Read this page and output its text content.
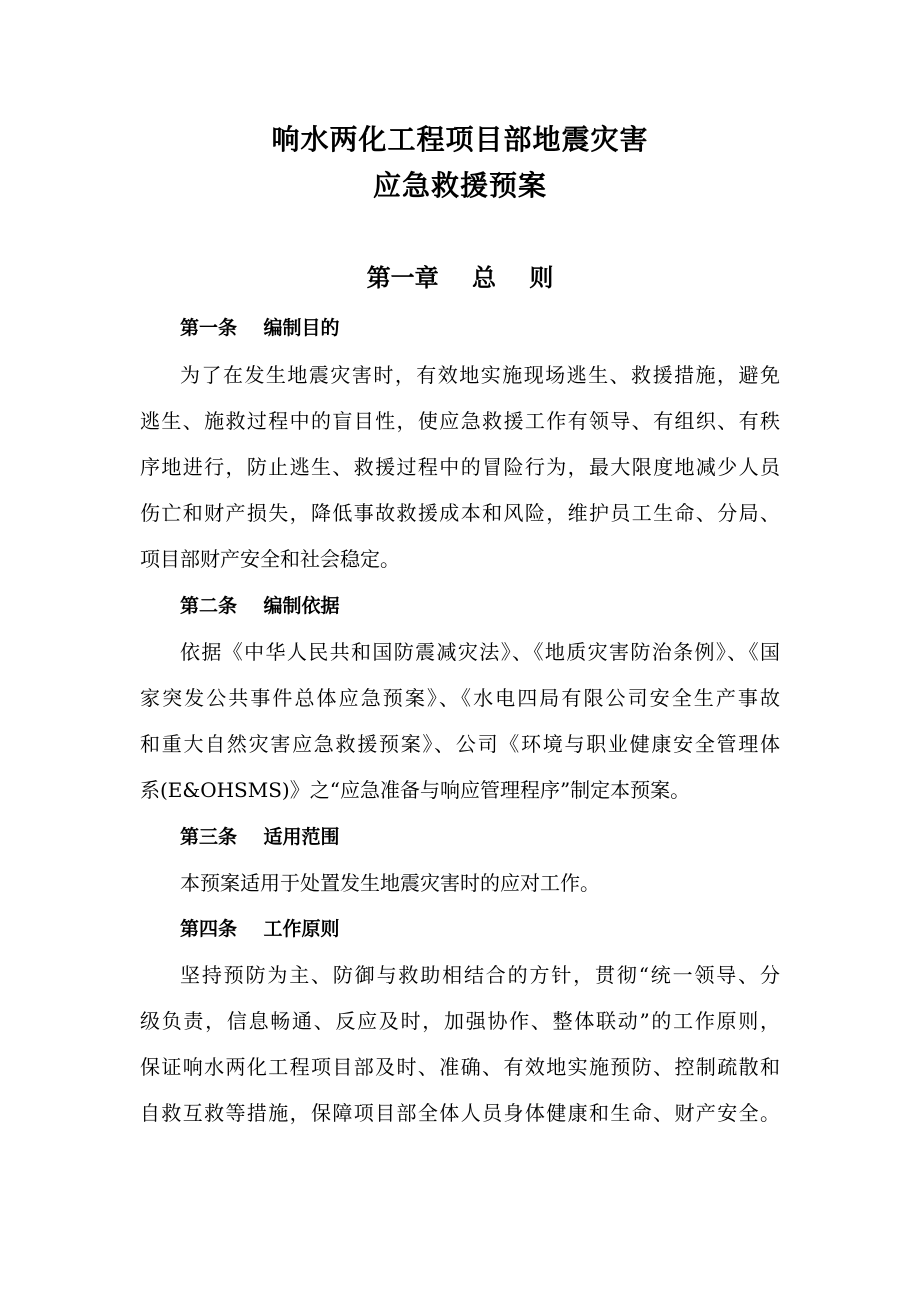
响水两化工程项目部地震灾害
应急救援预案
第一章    总    则
第一条    编制目的
为了在发生地震灾害时，有效地实施现场逃生、救援措施，避免
逃生、施救过程中的盲目性，使应急救援工作有领导、有组织、有秩
序地进行，防止逃生、救援过程中的冒险行为，最大限度地减少人员
伤亡和财产损失，降低事故救援成本和风险，维护员工生命、分局、
项目部财产安全和社会稳定。
第二条    编制依据
依据《中华人民共和国防震减灾法》、《地质灾害防治条例》、《国
家突发公共事件总体应急预案》、《水电四局有限公司安全生产事故
和重大自然灾害应急救援预案》、公司《环境与职业健康安全管理体
系(E&OHSMS)》之“应急准备与响应管理程序”制定本预案。
第三条    适用范围
本预案适用于处置发生地震灾害时的应对工作。
第四条    工作原则
坚持预防为主、防御与救助相结合的方针，贯彻“统一领导、分
级负责，信息畅通、反应及时，加强协作、整体联动”的工作原则，
保证响水两化工程项目部及时、准确、有效地实施预防、控制疏散和
自救互救等措施，保障项目部全体人员身体健康和生命、财产安全。
